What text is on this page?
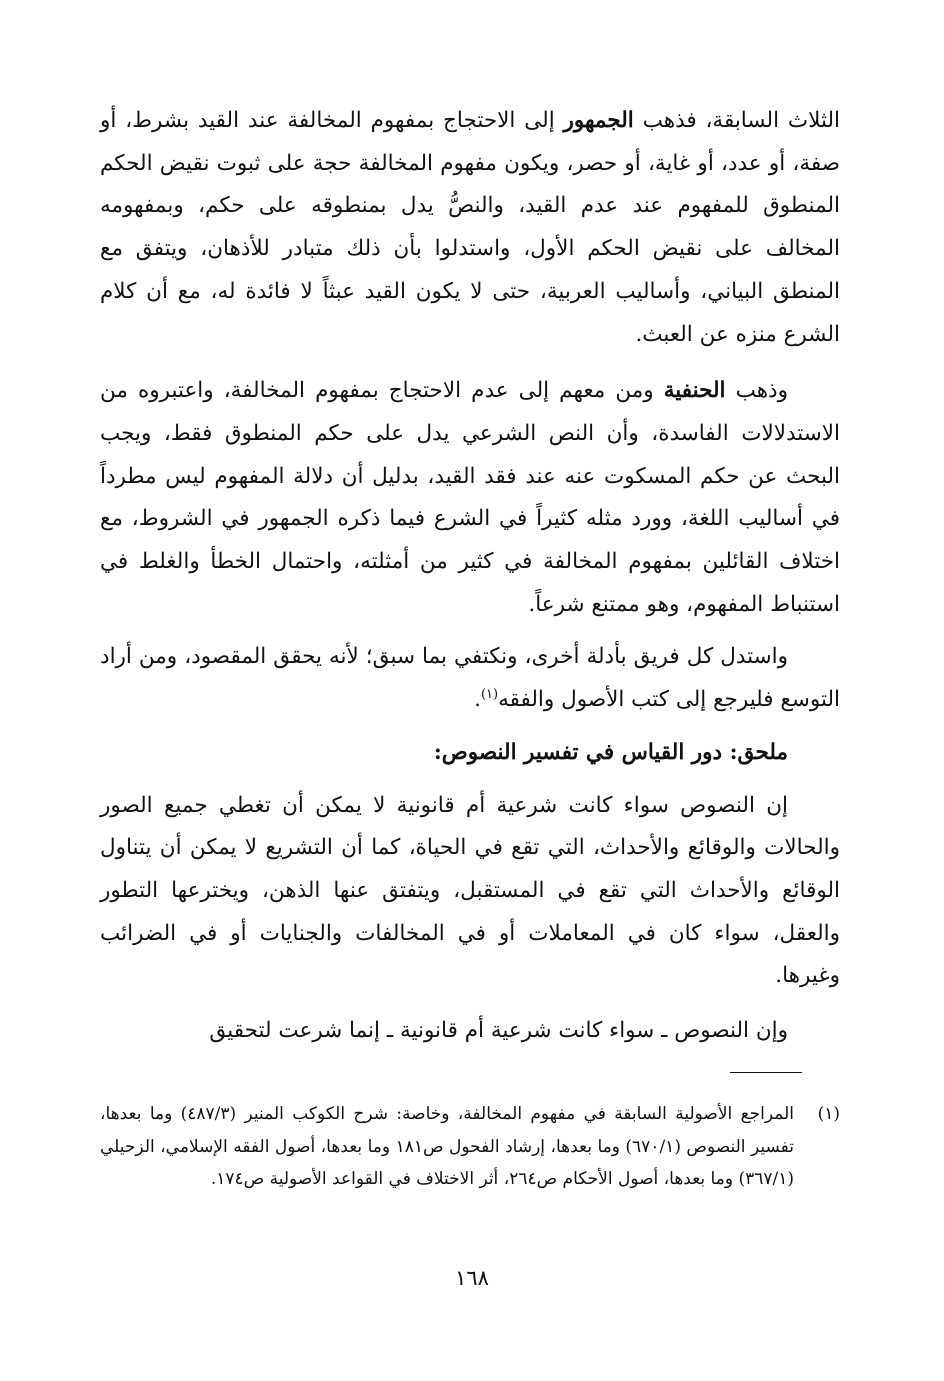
الثلاث السابقة، فذهب الجمهور إلى الاحتجاج بمفهوم المخالفة عند القيد بشرط، أو صفة، أو عدد، أو غاية، أو حصر، ويكون مفهوم المخالفة حجة على ثبوت نقيض الحكم المنطوق للمفهوم عند عدم القيد، والنصُّ يدل بمنطوقه على حكم، وبمفهومه المخالف على نقيض الحكم الأول، واستدلوا بأن ذلك متبادر للأذهان، ويتفق مع المنطق البياني، وأساليب العربية، حتى لا يكون القيد عبثاً لا فائدة له، مع أن كلام الشرع منزه عن العبث.

وذهب الحنفية ومن معهم إلى عدم الاحتجاج بمفهوم المخالفة، واعتبروه من الاستدلالات الفاسدة، وأن النص الشرعي يدل على حكم المنطوق فقط، ويجب البحث عن حكم المسكوت عنه عند فقد القيد، بدليل أن دلالة المفهوم ليس مطرداً في أساليب اللغة، وورد مثله كثيراً في الشرع فيما ذكره الجمهور في الشروط، مع اختلاف القائلين بمفهوم المخالفة في كثير من أمثلته، واحتمال الخطأ والغلط في استنباط المفهوم، وهو ممتنع شرعاً.

واستدل كل فريق بأدلة أخرى، ونكتفي بما سبق؛ لأنه يحقق المقصود، ومن أراد التوسع فليرجع إلى كتب الأصول والفقه$^{(١)}$.

ملحق: دور القياس في تفسير النصوص:

إن النصوص سواء كانت شرعية أم قانونية لا يمكن أن تغطي جميع الصور والحالات والوقائع والأحداث، التي تقع في الحياة، كما أن التشريع لا يمكن أن يتناول الوقائع والأحداث التي تقع في المستقبل، ويتفتق عنها الذهن، ويخترعها التطور والعقل، سواء كان في المعاملات أو في المخالفات والجنايات أو في الضرائب وغيرها.

وإن النصوص ـ سواء كانت شرعية أم قانونية ـ إنما شرعت لتحقيق

(١)
المراجع الأصولية السابقة في مفهوم المخالفة، وخاصة: شرح الكوكب المنير (٤٨٧/٣) وما بعدها، تفسير النصوص (٦٧٠/١) وما بعدها، إرشاد الفحول ص١٨١ وما بعدها، أصول الفقه الإسلامي، الزحيلي (٣٦٧/١) وما بعدها، أصول الأحكام ص٢٦٤، أثر الاختلاف في القواعد الأصولية ص١٧٤.

١٦٨
